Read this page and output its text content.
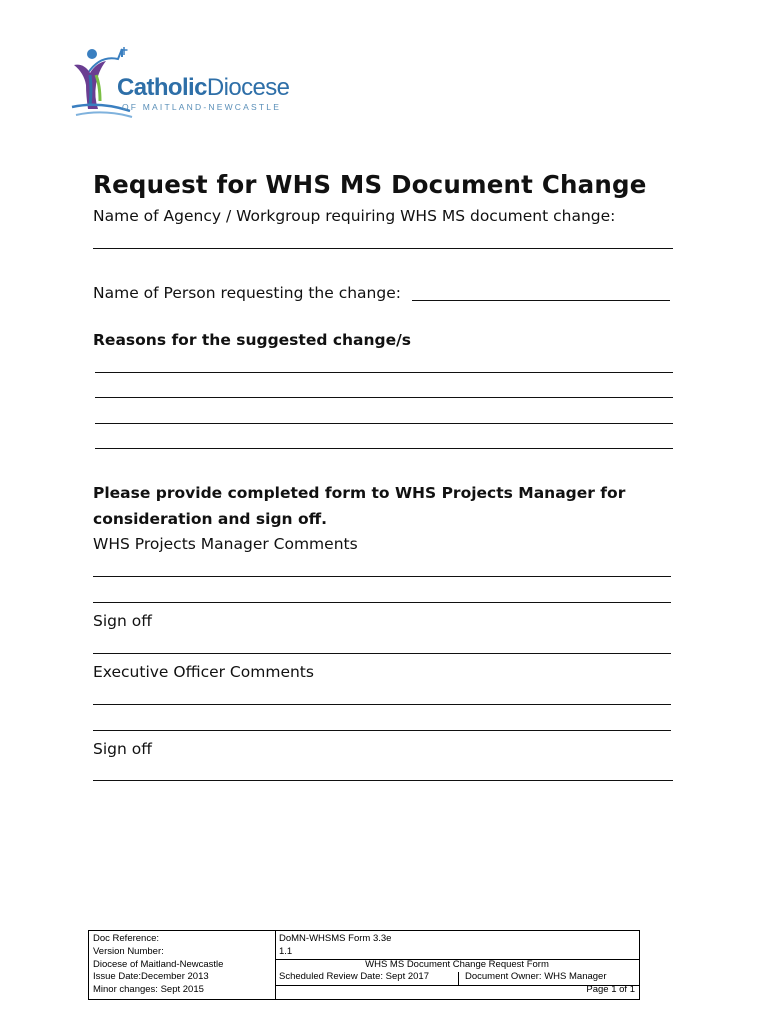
CatholicDiocese
OF MAITLAND-NEWCASTLE
Request for WHS MS Document Change
Name of Agency / Workgroup requiring WHS MS document change:
Name of Person requesting the change:
Reasons for the suggested change/s
Please provide completed form to WHS Projects Manager for
consideration and sign off.
WHS Projects Manager Comments
Sign off
Executive Officer Comments
Sign off
Doc Reference:
Version Number:
Diocese of Maitland-Newcastle
Issue Date:December 2013
Minor changes: Sept 2015
DoMN-WHSMS Form 3.3e
1.1
WHS MS Document Change Request Form
Scheduled Review Date: Sept 2017	Document Owner: WHS Manager
Page 1 of 1
